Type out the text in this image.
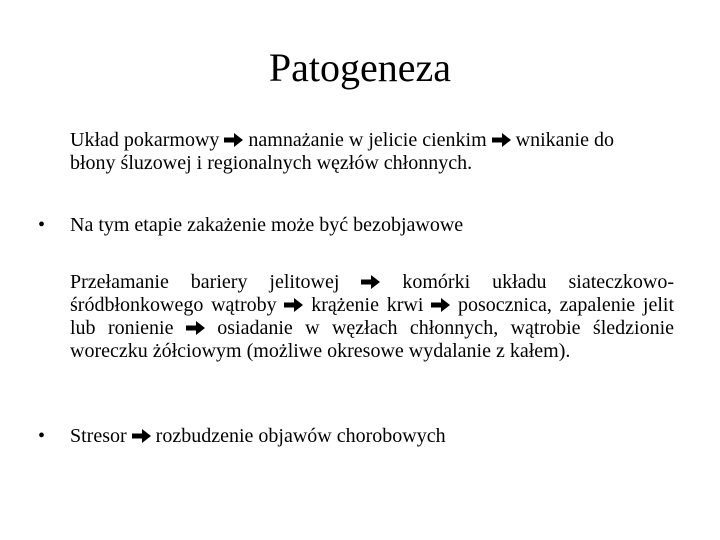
Patogeneza
Układ pokarmowy namnażanie w jelicie cienkim wnikanie do
błony śluzowej i regionalnych węzłów chłonnych.
• Na tym etapie zakażenie może być bezobjawowe
Przełamanie bariery jelitowej	komórki układu siateczkowo-śródbłonkowego wątroby krążenie krwi posocznica, zapalenie jelit lub ronienie osiadanie w węzłach chłonnych, wątrobie śledzionie woreczku żółciowym (możliwe okresowe wydalanie z kałem).
• Stresor rozbudzenie objawów chorobowych
